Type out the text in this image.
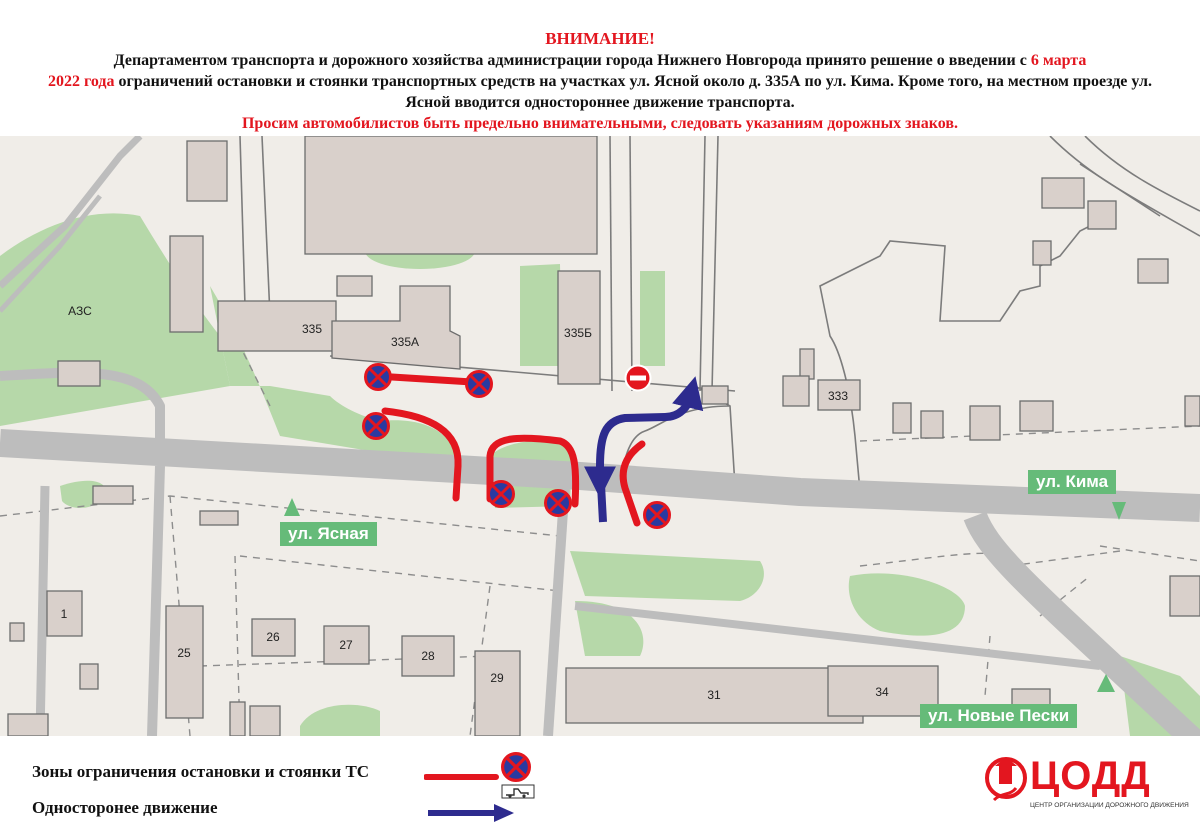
ВНИМАНИЕ!
Департаментом транспорта и дорожного хозяйства администрации города Нижнего Новгорода принято решение о введении с 6 марта
2022 года ограничений остановки и стоянки транспортных средств на участках ул. Ясной около д. 335А по ул. Кима. Кроме того, на местном проезде ул. Ясной вводится одностороннее движение транспорта.
Просим автомобилистов быть предельно внимательными, следовать указаниям дорожных знаков.
АЗС
335
335А
335Б
333
1
25
26
27
28
29
31	34
ул. Ясная
ул. Кима
ул. Новые Пески
Зоны ограничения остановки и стоянки ТС
Односторонее движение
ЦОДД
ЦЕНТР ОРГАНИЗАЦИИ ДОРОЖНОГО ДВИЖЕНИЯ
